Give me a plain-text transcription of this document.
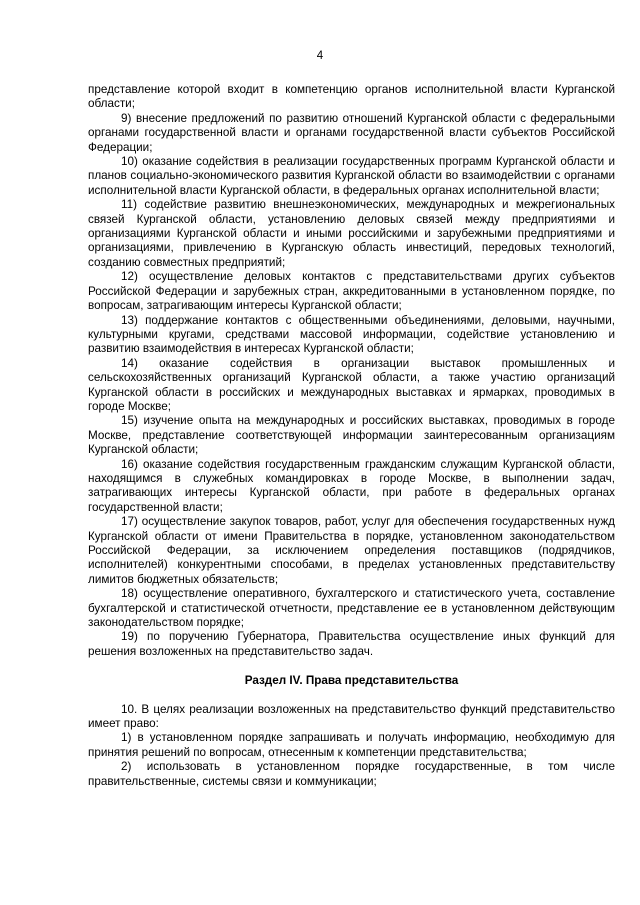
4

представление которой входит в компетенцию органов исполнительной власти Курганской области;

9) внесение предложений по развитию отношений Курганской области с федеральными органами государственной власти и органами государственной власти субъектов Российской Федерации;

10) оказание содействия в реализации государственных программ Курганской области и планов социально-экономического развития Курганской области во взаимодействии с органами исполнительной власти Курганской области, в федеральных органах исполнительной власти;

11) содействие развитию внешнеэкономических, международных и межрегиональных связей Курганской области, установлению деловых связей между предприятиями и организациями Курганской области и иными российскими и зарубежными предприятиями и организациями, привлечению в Курганскую область инвестиций, передовых технологий, созданию совместных предприятий;

12) осуществление деловых контактов с представительствами других субъектов Российской Федерации и зарубежных стран, аккредитованными в установленном порядке, по вопросам, затрагивающим интересы Курганской области;

13) поддержание контактов с общественными объединениями, деловыми, научными, культурными кругами, средствами массовой информации, содействие установлению и развитию взаимодействия в интересах Курганской области;

14) оказание содействия в организации выставок промышленных и сельскохозяйственных организаций Курганской области, а также участию организаций Курганской области в российских и международных выставках и ярмарках, проводимых в городе Москве;

15) изучение опыта на международных и российских выставках, проводимых в городе Москве, представление соответствующей информации заинтересованным организациям Курганской области;

16) оказание содействия государственным гражданским служащим Курганской области, находящимся в служебных командировках в городе Москве, в выполнении задач, затрагивающих интересы Курганской области, при работе в федеральных органах государственной власти;

17) осуществление закупок товаров, работ, услуг для обеспечения государственных нужд Курганской области от имени Правительства в порядке, установленном законодательством Российской Федерации, за исключением определения поставщиков (подрядчиков, исполнителей) конкурентными способами, в пределах установленных представительству лимитов бюджетных обязательств;

18) осуществление оперативного, бухгалтерского и статистического учета, составление бухгалтерской и статистической отчетности, представление ее в установленном действующим законодательством порядке;

19) по поручению Губернатора, Правительства осуществление иных функций для решения возложенных на представительство задач.

Раздел IV. Права представительства

10. В целях реализации возложенных на представительство функций представительство имеет право:

1) в установленном порядке запрашивать и получать информацию, необходимую для принятия решений по вопросам, отнесенным к компетенции представительства;

2) использовать в установленном порядке государственные, в том числе правительственные, системы связи и коммуникации;
